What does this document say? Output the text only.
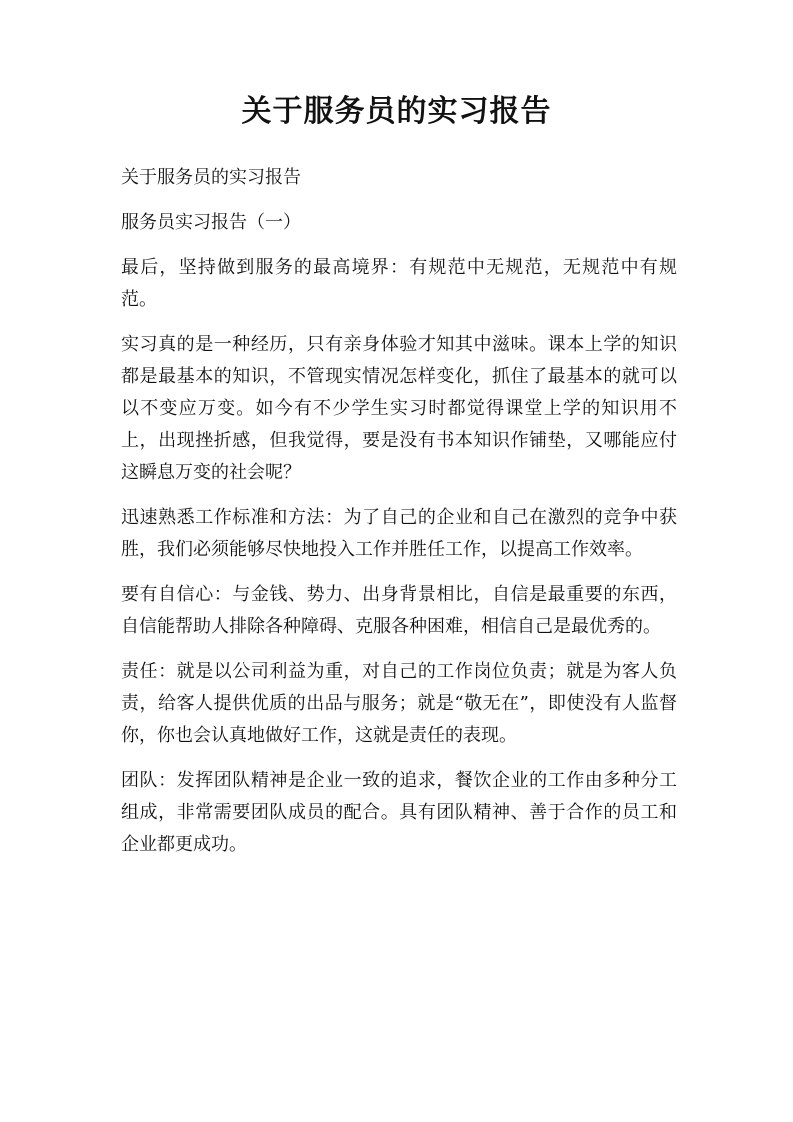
关于服务员的实习报告

关于服务员的实习报告

服务员实习报告（一）

最后，坚持做到服务的最高境界：有规范中无规范，无规范中有规范。

实习真的是一种经历，只有亲身体验才知其中滋味。课本上学的知识都是最基本的知识，不管现实情况怎样变化，抓住了最基本的就可以以不变应万变。如今有不少学生实习时都觉得课堂上学的知识用不上，出现挫折感，但我觉得，要是没有书本知识作铺垫，又哪能应付这瞬息万变的社会呢？

迅速熟悉工作标准和方法：为了自己的企业和自己在激烈的竞争中获胜，我们必须能够尽快地投入工作并胜任工作，以提高工作效率。

要有自信心：与金钱、势力、出身背景相比，自信是最重要的东西，自信能帮助人排除各种障碍、克服各种困难，相信自己是最优秀的。

责任：就是以公司利益为重，对自己的工作岗位负责；就是为客人负责，给客人提供优质的出品与服务；就是“敬无在”，即使没有人监督你，你也会认真地做好工作，这就是责任的表现。

团队：发挥团队精神是企业一致的追求，餐饮企业的工作由多种分工组成，非常需要团队成员的配合。具有团队精神、善于合作的员工和企业都更成功。
